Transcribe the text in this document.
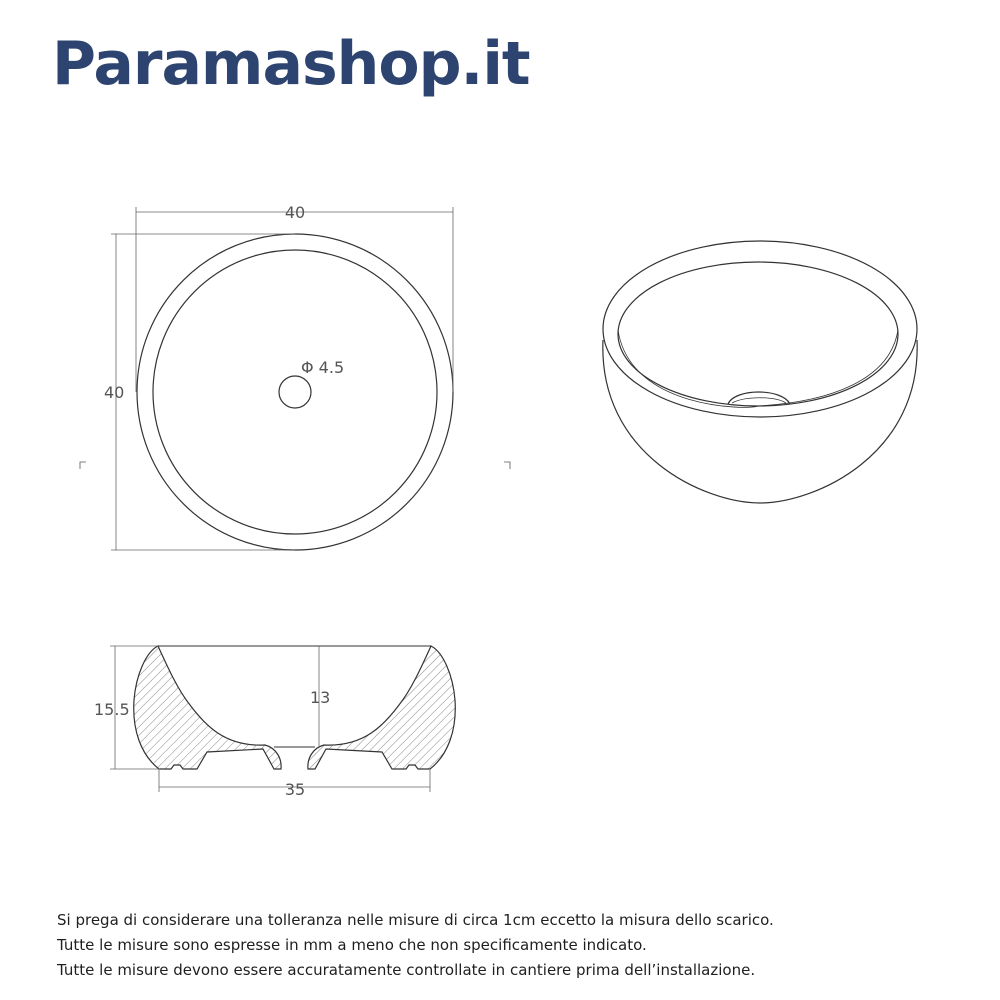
Paramashop.it
40
40
Φ 4.5
15.5
13
35
Si prega di considerare una tolleranza nelle misure di circa 1cm eccetto la misura dello scarico.
Tutte le misure sono espresse in mm a meno che non specificamente indicato.
Tutte le misure devono essere accuratamente controllate in cantiere prima dell’installazione.
